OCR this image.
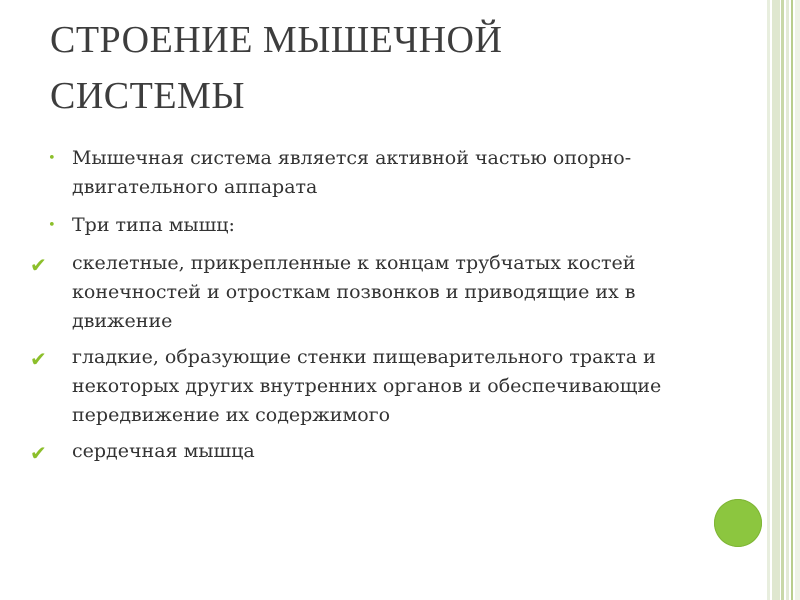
СТРОЕНИЕ МЫШЕЧНОЙ
СИСТЕМЫ
• Мышечная система является активной частью опорно-двигательного аппарата
• Три типа мышц:
✔ скелетные, прикрепленные к концам трубчатых костей конечностей и отросткам позвонков и приводящие их в движение
✔ гладкие, образующие стенки пищеварительного тракта и некоторых других внутренних органов и обеспечивающие передвижение их содержимого
✔ сердечная мышца
